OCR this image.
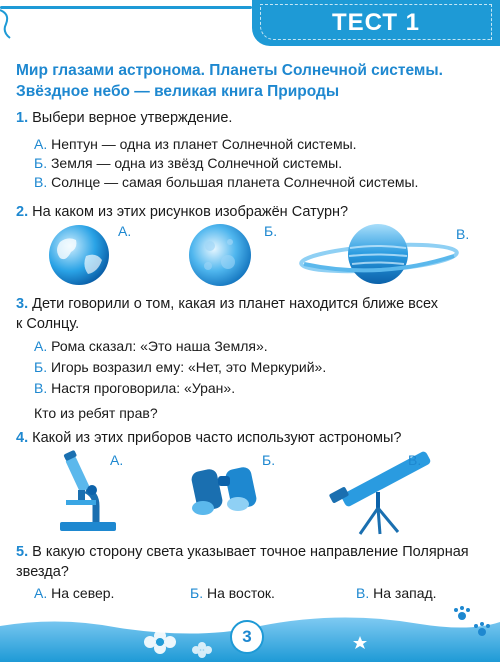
ТЕСТ 1
Мир глазами астронома. Планеты Солнечной системы.
Звёздное небо — великая книга Природы
1. Выбери верное утверждение.
А. Нептун — одна из планет Солнечной системы.
Б. Земля — одна из звёзд Солнечной системы.
В. Солнце — самая большая планета Солнечной системы.
2. На каком из этих рисунков изображён Сатурн?
А.	Б.	В.
3. Дети говорили о том, какая из планет находится ближе всех
к Солнцу.
А. Рома сказал: «Это наша Земля».
Б. Игорь возразил ему: «Нет, это Меркурий».
В. Настя проговорила: «Уран».
Кто из ребят прав?
4. Какой из этих приборов часто используют астрономы?
А.	Б.	В.
5. В какую сторону света указывает точное направление Полярная
звезда?
А. На север.	Б. На восток.	В. На запад.
3
